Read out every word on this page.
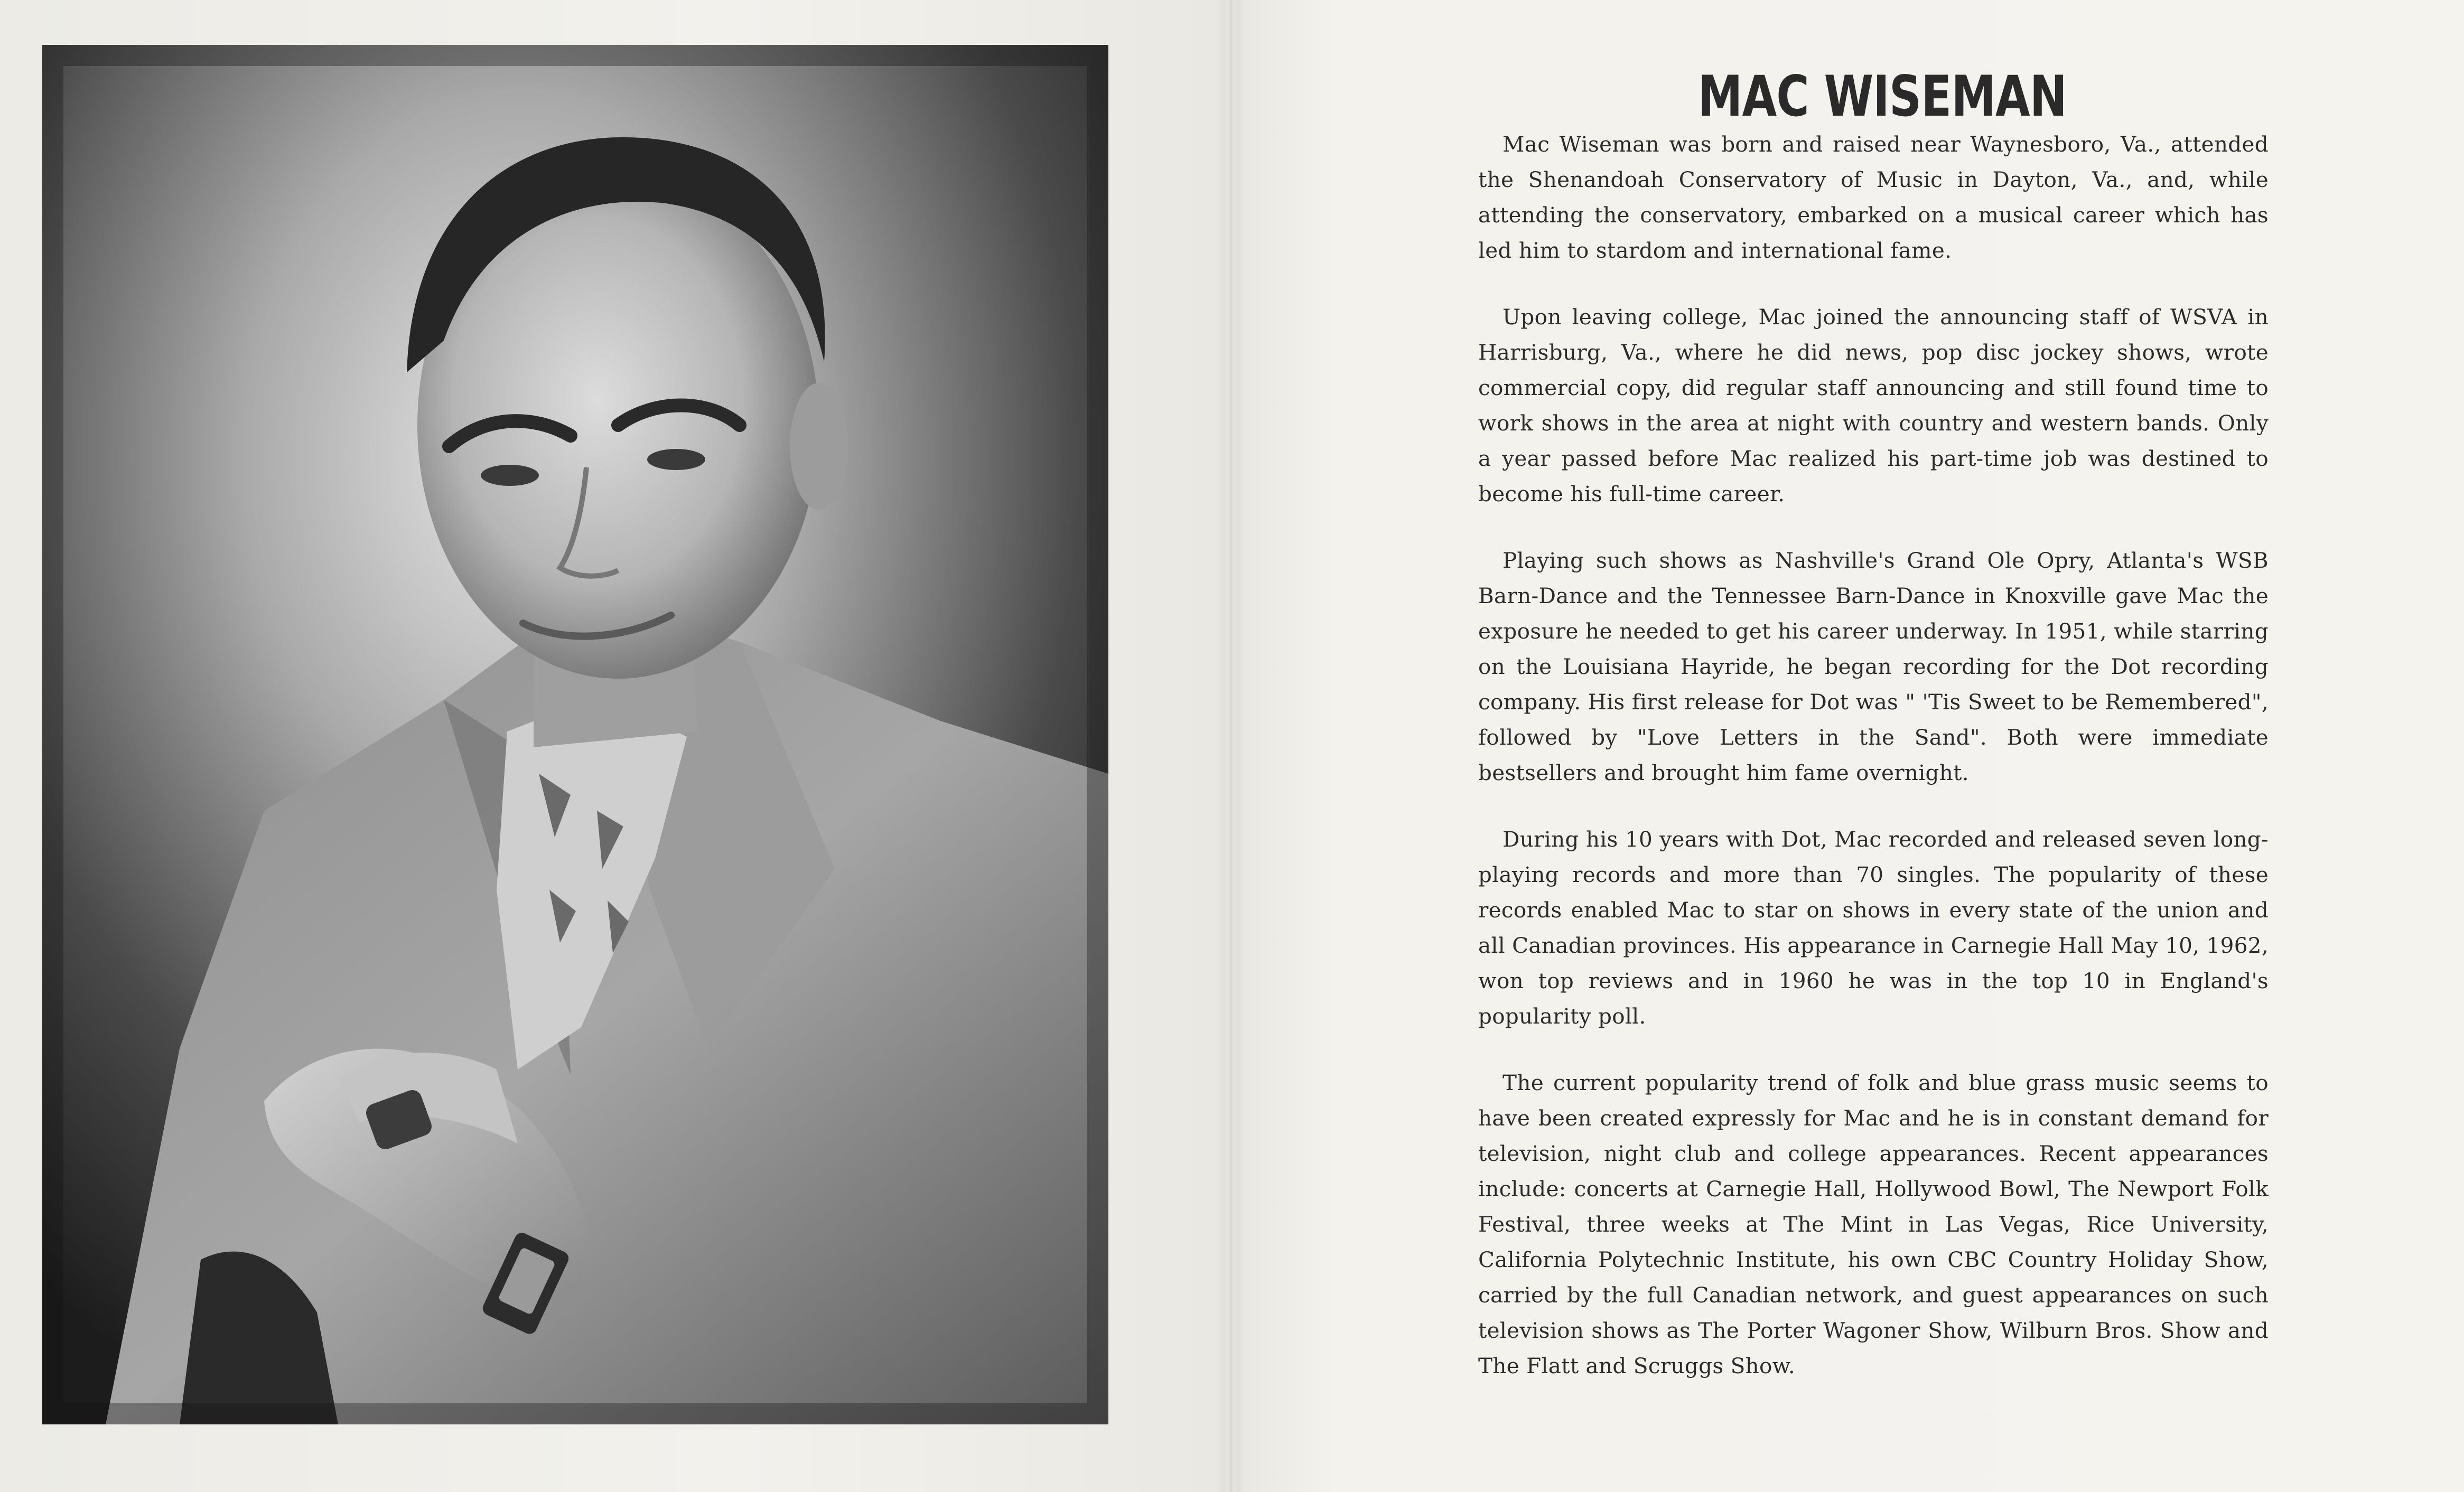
MAC WISEMAN

Mac Wiseman was born and raised near Waynesboro, Va., attended the Shenandoah Conservatory of Music in Dayton, Va., and, while attending the conservatory, embarked on a musical career which has led him to stardom and international fame.

Upon leaving college, Mac joined the announcing staff of WSVA in Harrisburg, Va., where he did news, pop disc jockey shows, wrote commercial copy, did regular staff announcing and still found time to work shows in the area at night with country and western bands. Only a year passed before Mac realized his part-time job was destined to become his full-time career.

Playing such shows as Nashville's Grand Ole Opry, Atlanta's WSB Barn-Dance and the Tennessee Barn-Dance in Knoxville gave Mac the exposure he needed to get his career underway. In 1951, while starring on the Louisiana Hayride, he began recording for the Dot recording company. His first release for Dot was " 'Tis Sweet to be Remembered", followed by "Love Letters in the Sand". Both were immediate bestsellers and brought him fame overnight.

During his 10 years with Dot, Mac recorded and released seven long-playing records and more than 70 singles. The popularity of these records enabled Mac to star on shows in every state of the union and all Canadian provinces. His appearance in Carnegie Hall May 10, 1962, won top reviews and in 1960 he was in the top 10 in England's popularity poll.

The current popularity trend of folk and blue grass music seems to have been created expressly for Mac and he is in constant demand for television, night club and college appearances. Recent appearances include: concerts at Carnegie Hall, Hollywood Bowl, The Newport Folk Festival, three weeks at The Mint in Las Vegas, Rice University, California Polytechnic Institute, his own CBC Country Holiday Show, carried by the full Canadian network, and guest appearances on such television shows as The Porter Wagoner Show, Wilburn Bros. Show and The Flatt and Scruggs Show.
